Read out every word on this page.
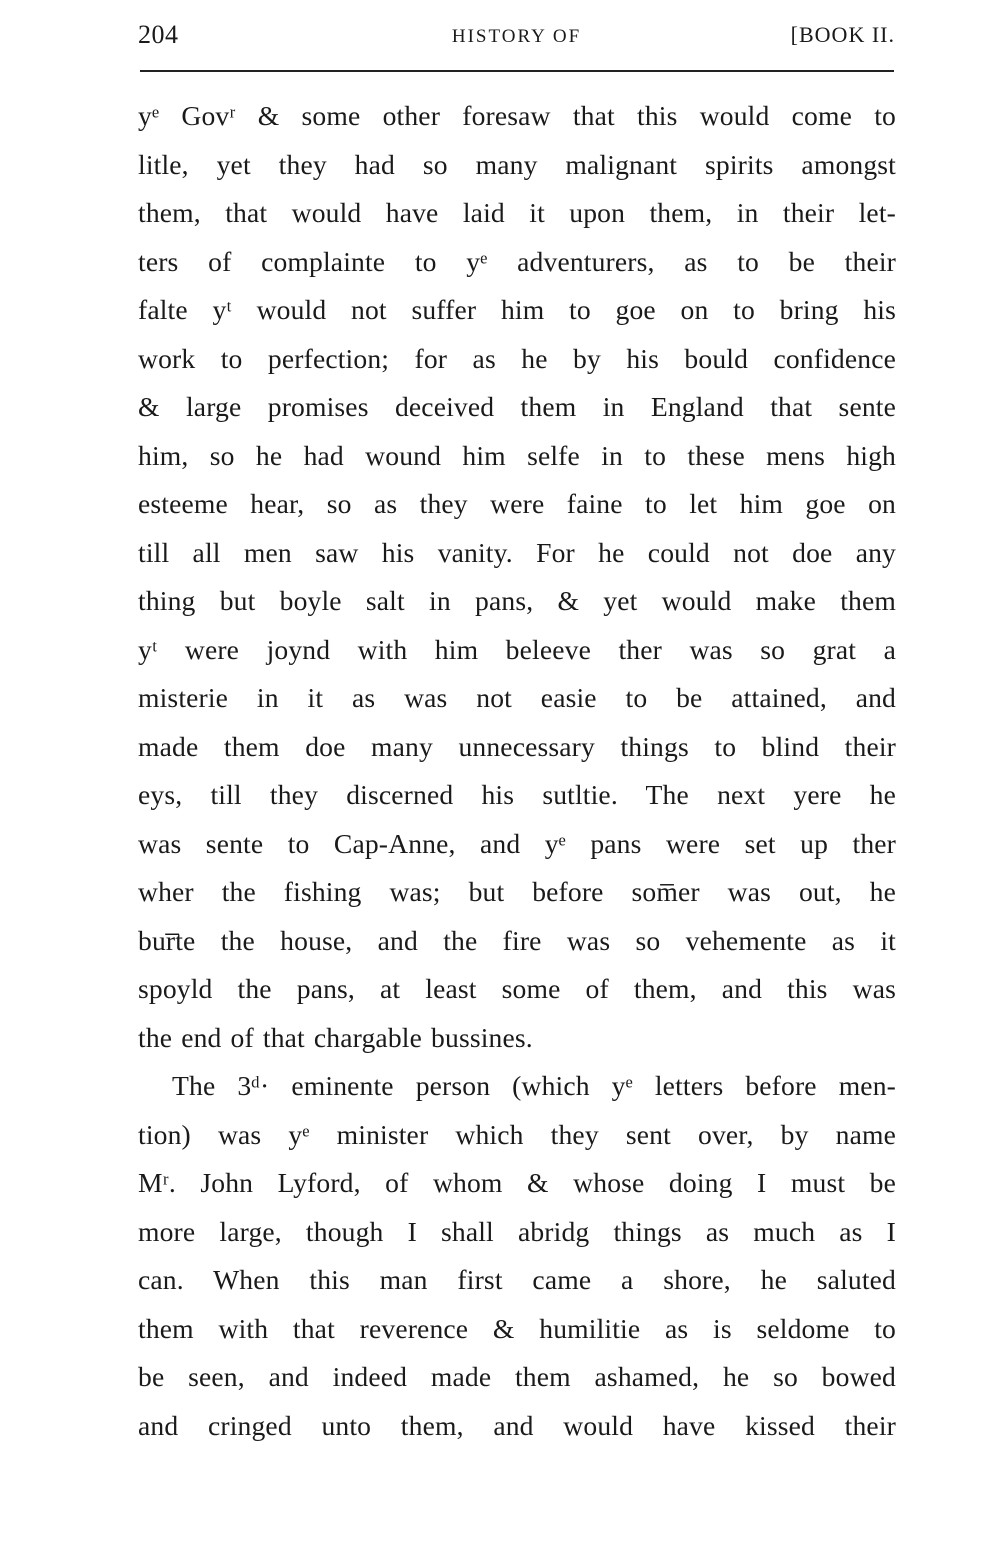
204	HISTORY OF	[BOOK II.
yᵉ Govʳ & some other foresaw that this would come to
litle, yet they had so many malignant spirits amongst
them, that would have laid it upon them, in their let-
ters of complainte to yᵉ adventurers, as to be their
falte yᵗ would not suffer him to goe on to bring his
work to perfection; for as he by his bould confidence
& large promises deceived them in England that sente
him, so he had wound him selfe in to these mens high
esteeme hear, so as they were faine to let him goe on
till all men saw his vanity. For he could not doe any
thing but boyle salt in pans, & yet would make them
yᵗ were joynd with him beleeve ther was so grat a
misterie in it as was not easie to be attained, and
made them doe many unnecessary things to blind their
eys, till they discerned his sutltie. The next yere he
was sente to Cap-Anne, and yᵉ pans were set up ther
wher the fishing was; but before som̅er was out, he
bur̅te the house, and the fire was so vehemente as it
spoyld the pans, at least some of them, and this was
the end of that chargable bussines.
The 3ᵈ· eminente person (which yᵉ letters before men-
tion) was yᵉ minister which they sent over, by name
Mʳ. John Lyford, of whom & whose doing I must be
more large, though I shall abridg things as much as I
can. When this man first came a shore, he saluted
them with that reverence & humilitie as is seldome to
be seen, and indeed made them ashamed, he so bowed
and cringed unto them, and would have kissed their
